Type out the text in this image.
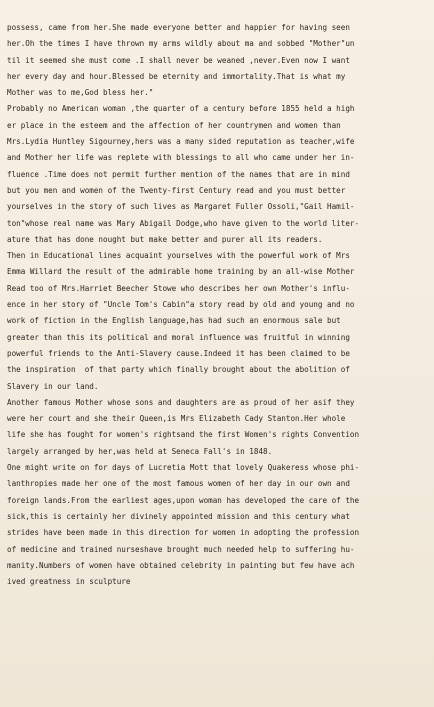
possess, came from her.She made everyone better and happier for having seen
her.Oh the times I have thrown my arms wildly about ma and sobbed "Mother"un
til it seemed she must come .I shall never be weaned ,never.Even now I want
her every day and hour.Blessed be eternity and immortality.That is what my
Mother was to me,God bless her."
Probably no American woman ,the quarter of a century before 1855 held a high
er place in the esteem and the affection of her countrymen and women than
Mrs.Lydia Huntley Sigourney,hers was a many sided reputation as teacher,wife
and Mother her life was replete with blessings to all who came under her in-
fluence .Time does not permit further mention of the names that are in mind
but you men and women of the Twenty-first Century read and you must better
yourselves in the story of such lives as Margaret Fuller Ossoli,"Gail Hamil-
ton"whose real name was Mary Abigail Dodge,who have given to the world liter-
ature that has done nought but make better and purer all its readers.
Then in Educational lines acquaint yourselves with the powerful work of Mrs
Emma Willard the result of the admirable home training by an all-wise Mother
Read too of Mrs.Harriet Beecher Stowe who describes her own Mother's influ-
ence in her story of "Uncle Tom's Cabin"a story read by old and young and no
work of fiction in the English language,has had such an enormous sale but
greater than this its political and moral influence was fruitful in winning
powerful friends to the Anti-Slavery cause.Indeed it has been claimed to be
the inspiration  of that party which finally brought about the abolition of
Slavery in our land.
Another famous Mother whose sons and daughters are as proud of her asif they
were her court and she their Queen,is Mrs Elizabeth Cady Stanton.Her whole
life she has fought for women's rightsand the first Women's rights Convention
largely arranged by her,was held at Seneca Fall's in 1848.
One might write on for days of Lucretia Mott that lovely Quakeress whose phi-
lanthropies made her one of the most famous women of her day in our own and
foreign lands.From the earliest ages,upon woman has developed the care of the
sick,this is certainly her divinely appointed mission and this century what
strides have been made in this direction for women in adopting the profession
of medicine and trained nurseshave brought much needed help to suffering hu-
manity.Numbers of women have obtained celebrity in painting but few have ach
ived greatness in sculpture
